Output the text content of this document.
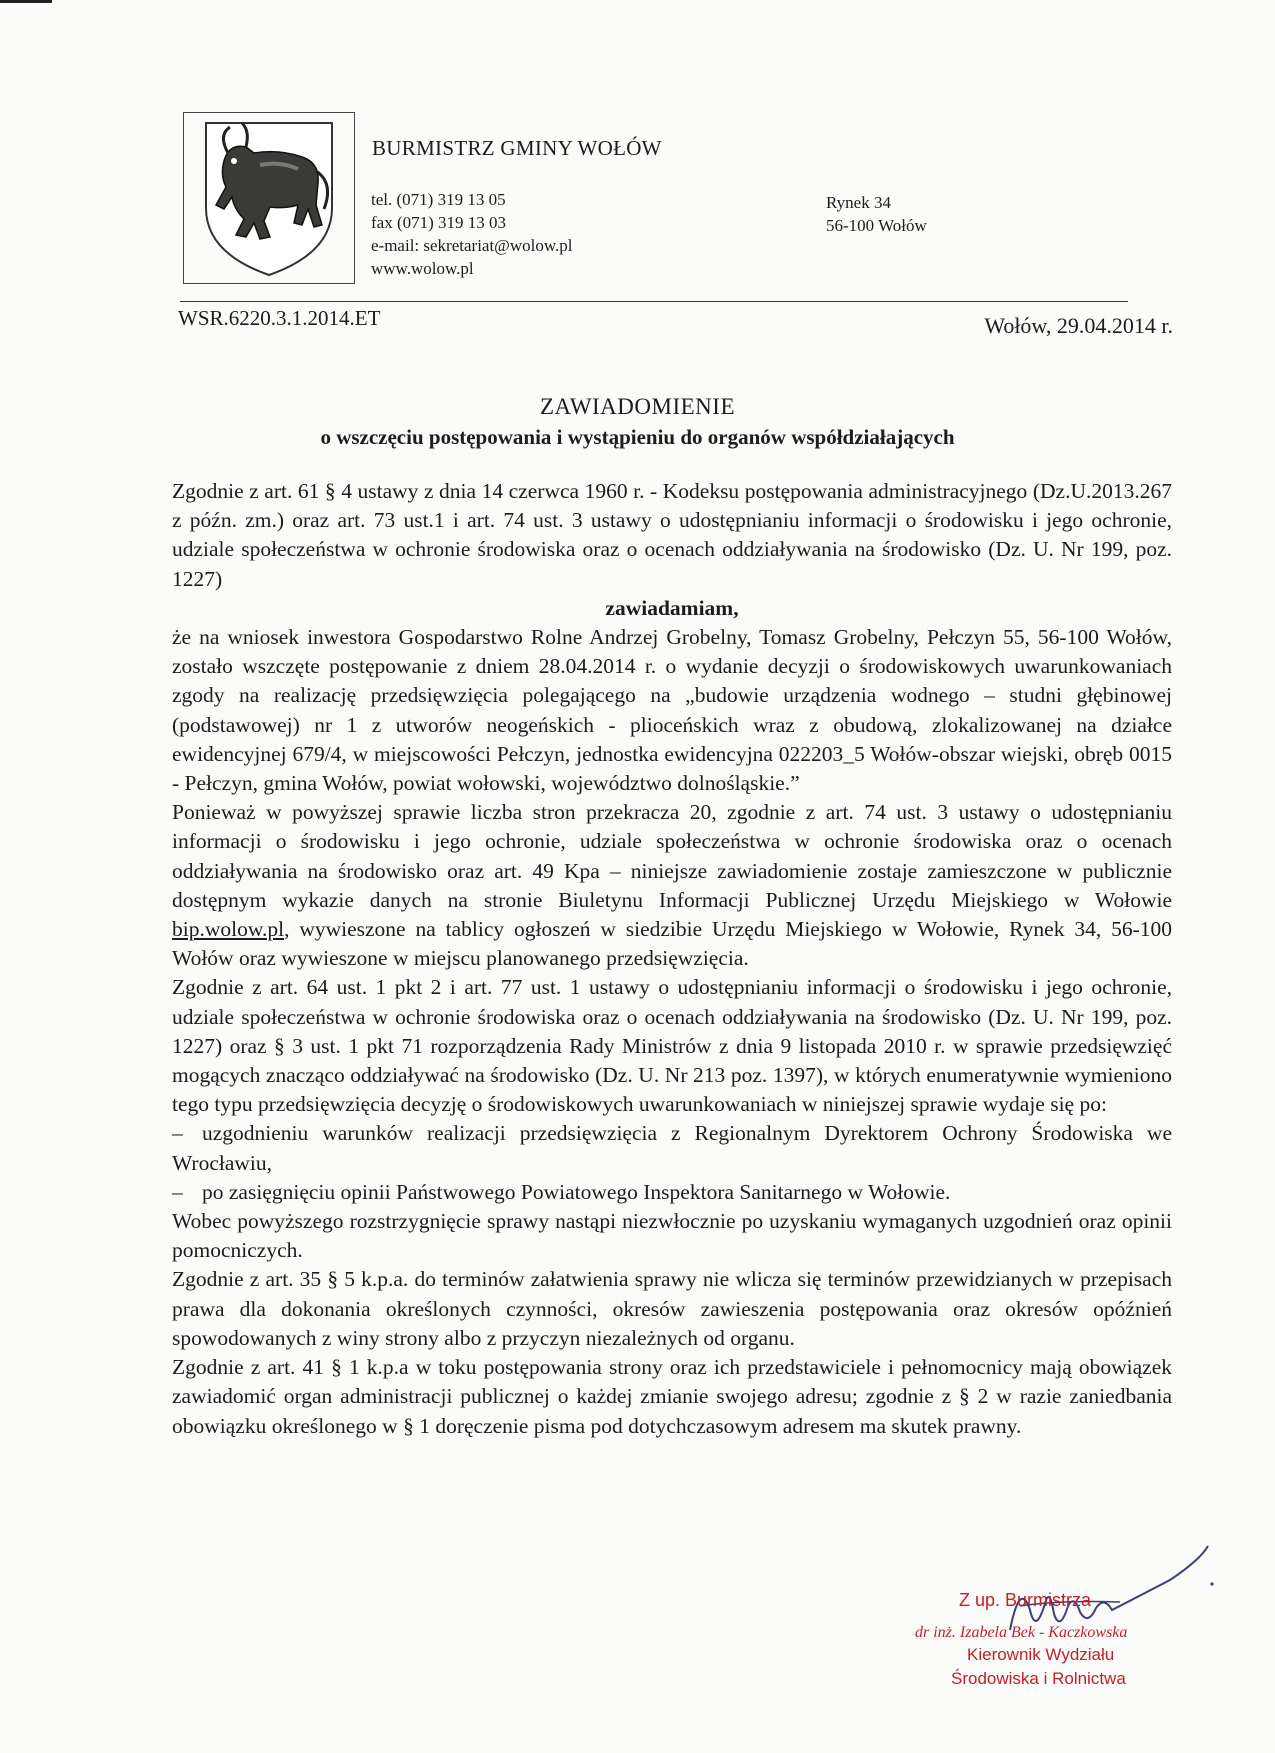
BURMISTRZ GMINY WOŁÓW
tel. (071) 319 13 05
fax (071) 319 13 03
e-mail: sekretariat@wolow.pl
www.wolow.pl
Rynek 34
56-100 Wołów
WSR.6220.3.1.2014.ET	Wołów, 29.04.2014 r.
ZAWIADOMIENIE
o wszczęciu postępowania i wystąpieniu do organów współdziałających

Zgodnie z art. 61 § 4 ustawy z dnia 14 czerwca 1960 r. - Kodeksu postępowania administracyjnego (Dz.U.2013.267 z późn. zm.) oraz art. 73 ust.1 i art. 74 ust. 3 ustawy o udostępnianiu informacji o środowisku i jego ochronie, udziale społeczeństwa w ochronie środowiska oraz o ocenach oddziaływania na środowisko (Dz. U. Nr 199, poz. 1227)

zawiadamiam,

że na wniosek inwestora Gospodarstwo Rolne Andrzej Grobelny, Tomasz Grobelny, Pełczyn 55, 56-100 Wołów, zostało wszczęte postępowanie z dniem 28.04.2014 r. o wydanie decyzji o środowiskowych uwarunkowaniach zgody na realizację przedsięwzięcia polegającego na „budowie urządzenia wodnego – studni głębinowej (podstawowej) nr 1 z utworów neogeńskich - plioceńskich wraz z obudową, zlokalizowanej na działce ewidencyjnej 679/4, w miejscowości Pełczyn, jednostka ewidencyjna 022203_5 Wołów-obszar wiejski, obręb 0015 - Pełczyn, gmina Wołów, powiat wołowski, województwo dolnośląskie.”

Ponieważ w powyższej sprawie liczba stron przekracza 20, zgodnie z art. 74 ust. 3 ustawy o udostępnianiu informacji o środowisku i jego ochronie, udziale społeczeństwa w ochronie środowiska oraz o ocenach oddziaływania na środowisko oraz art. 49 Kpa – niniejsze zawiadomienie zostaje zamieszczone w publicznie dostępnym wykazie danych na stronie Biuletynu Informacji Publicznej Urzędu Miejskiego w Wołowie bip.wolow.pl, wywieszone na tablicy ogłoszeń w siedzibie Urzędu Miejskiego w Wołowie, Rynek 34, 56-100 Wołów oraz wywieszone w miejscu planowanego przedsięwzięcia.

Zgodnie z art. 64 ust. 1 pkt 2 i art. 77 ust. 1 ustawy o udostępnianiu informacji o środowisku i jego ochronie, udziale społeczeństwa w ochronie środowiska oraz o ocenach oddziaływania na środowisko (Dz. U. Nr 199, poz. 1227) oraz § 3 ust. 1 pkt 71 rozporządzenia Rady Ministrów z dnia 9 listopada 2010 r. w sprawie przedsięwzięć mogących znacząco oddziaływać na środowisko (Dz. U. Nr 213 poz. 1397), w których enumeratywnie wymieniono tego typu przedsięwzięcia decyzję o środowiskowych uwarunkowaniach w niniejszej sprawie wydaje się po:

– uzgodnieniu warunków realizacji przedsięwzięcia z Regionalnym Dyrektorem Ochrony Środowiska we Wrocławiu,

– po zasięgnięciu opinii Państwowego Powiatowego Inspektora Sanitarnego w Wołowie.

Wobec powyższego rozstrzygnięcie sprawy nastąpi niezwłocznie po uzyskaniu wymaganych uzgodnień oraz opinii pomocniczych.

Zgodnie z art. 35 § 5 k.p.a. do terminów załatwienia sprawy nie wlicza się terminów przewidzianych w przepisach prawa dla dokonania określonych czynności, okresów zawieszenia postępowania oraz okresów opóźnień spowodowanych z winy strony albo z przyczyn niezależnych od organu.

Zgodnie z art. 41 § 1 k.p.a w toku postępowania strony oraz ich przedstawiciele i pełnomocnicy mają obowiązek zawiadomić organ administracji publicznej o każdej zmianie swojego adresu; zgodnie z § 2 w razie zaniedbania obowiązku określonego w § 1 doręczenie pisma pod dotychczasowym adresem ma skutek prawny.

Z up. Burmistrza
dr inż. Izabela Bek - Kaczkowska
Kierownik Wydziału
Środowiska i Rolnictwa
